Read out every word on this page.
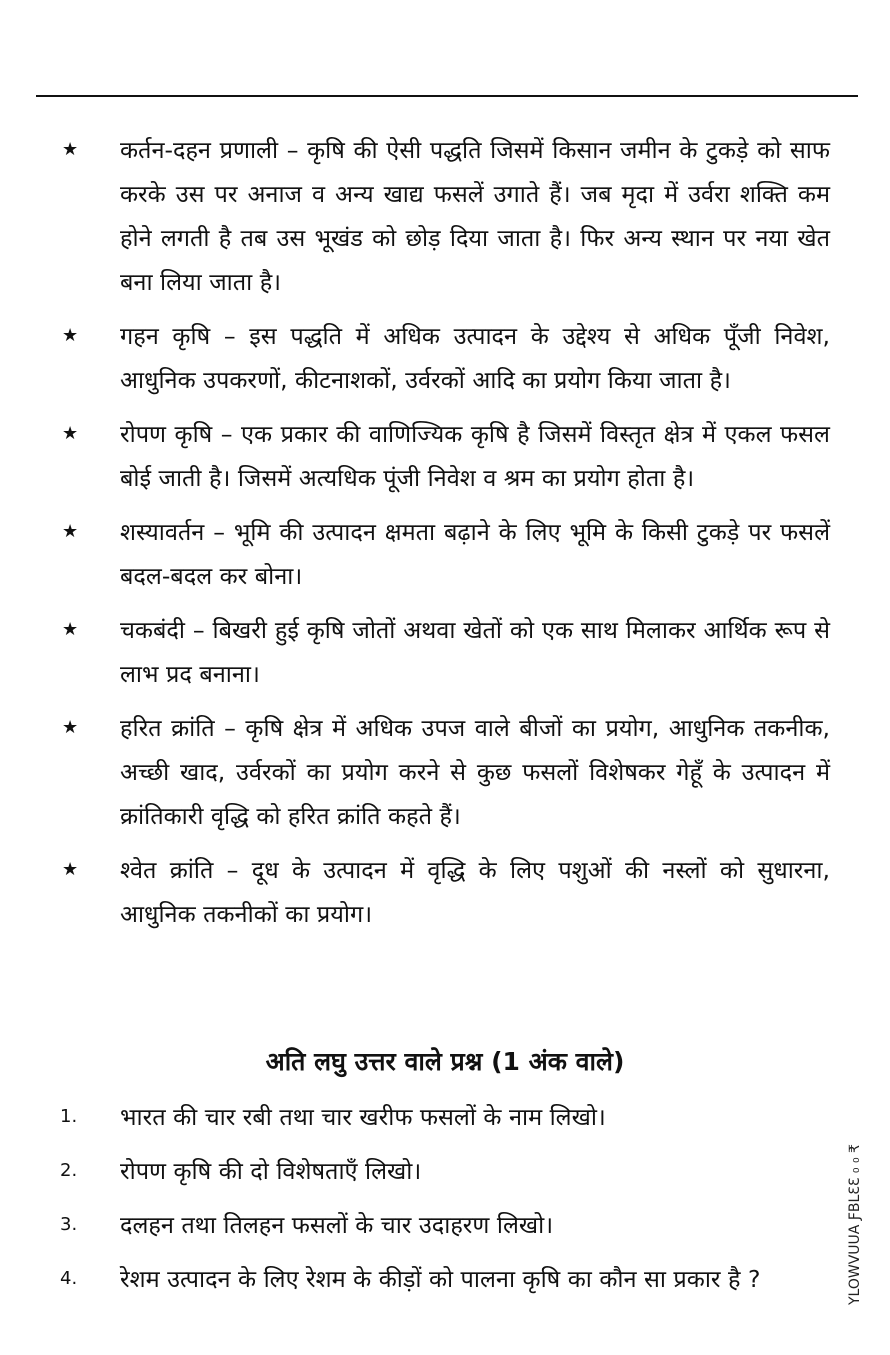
★	कर्तन-दहन प्रणाली – कृषि की ऐसी पद्धति जिसमें किसान जमीन के टुकड़े को साफ करके उस पर अनाज व अन्य खाद्य फसलें उगाते हैं। जब मृदा में उर्वरा शक्ति कम होने लगती है तब उस भूखंड को छोड़ दिया जाता है। फिर अन्य स्थान पर नया खेत बना लिया जाता है।
★	गहन कृषि – इस पद्धति में अधिक उत्पादन के उद्देश्य से अधिक पूँजी निवेश, आधुनिक उपकरणों, कीटनाशकों, उर्वरकों आदि का प्रयोग किया जाता है।
★	रोपण कृषि – एक प्रकार की वाणिज्यिक कृषि है जिसमें विस्तृत क्षेत्र में एकल फसल बोई जाती है। जिसमें अत्यधिक पूंजी निवेश व श्रम का प्रयोग होता है।
★	शस्यावर्तन – भूमि की उत्पादन क्षमता बढ़ाने के लिए भूमि के किसी टुकड़े पर फसलें बदल-बदल कर बोना।
★	चकबंदी – बिखरी हुई कृषि जोतों अथवा खेतों को एक साथ मिलाकर आर्थिक रूप से लाभ प्रद बनाना।
★	हरित क्रांति – कृषि क्षेत्र में अधिक उपज वाले बीजों का प्रयोग, आधुनिक तकनीक, अच्छी खाद, उर्वरकों का प्रयोग करने से कुछ फसलों विशेषकर गेहूँ के उत्पादन में क्रांतिकारी वृद्धि को हरित क्रांति कहते हैं।
★	श्वेत क्रांति – दूध के उत्पादन में वृद्धि के लिए पशुओं की नस्लों को सुधारना, आधुनिक तकनीकों का प्रयोग।
अति लघु उत्तर वाले प्रश्न (1 अंक वाले)
1.	भारत की चार रबी तथा चार खरीफ फसलों के नाम लिखो।
2.	रोपण कृषि की दो विशेषताएँ लिखो।
3.	दलहन तथा तिलहन फसलों के चार उदाहरण लिखो।
4.	रेशम उत्पादन के लिए रेशम के कीड़ों को पालना कृषि का कौन सा प्रकार है ?	YLOWVUUA ƑBLƐƐ ₀ ₀ ₹
